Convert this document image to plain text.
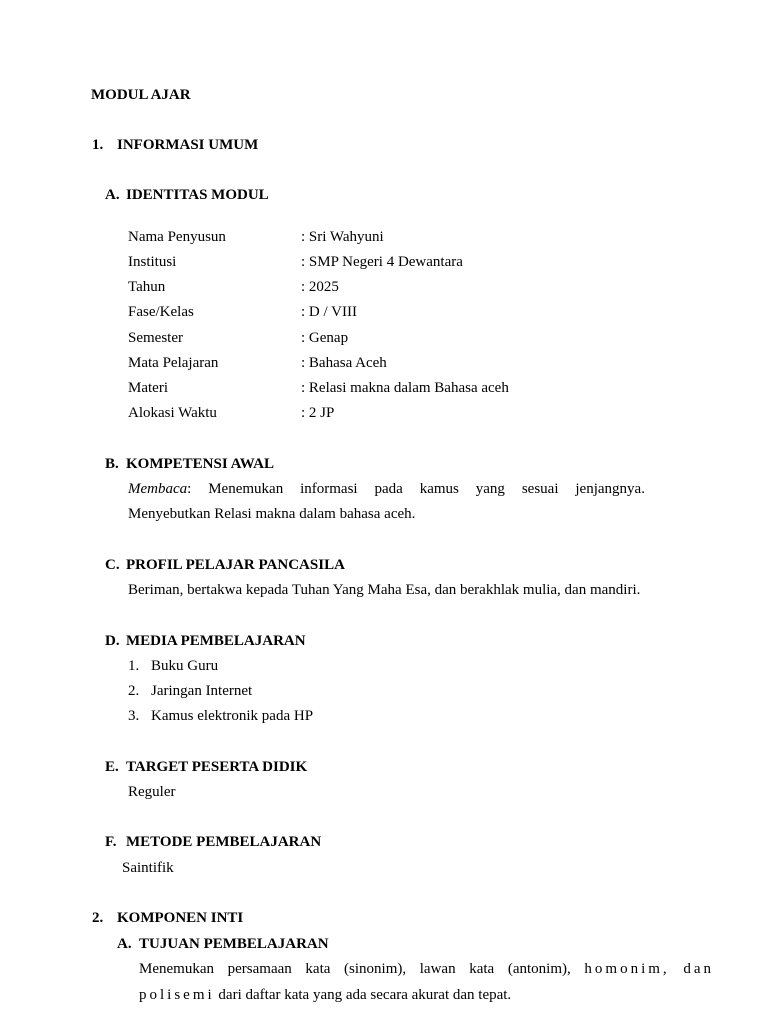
MODUL AJAR
1. INFORMASI UMUM
A. IDENTITAS MODUL
Nama Penyusun	: Sri Wahyuni
Institusi	: SMP Negeri 4 Dewantara
Tahun	: 2025
Fase/Kelas	: D / VIII
Semester	: Genap
Mata Pelajaran	: Bahasa Aceh
Materi	: Relasi makna dalam Bahasa aceh
Alokasi Waktu	: 2 JP
B. KOMPETENSI AWAL
Membaca: Menemukan informasi pada kamus yang sesuai jenjangnya.
Menyebutkan Relasi makna dalam bahasa aceh.
C. PROFIL PELAJAR PANCASILA
Beriman, bertakwa kepada Tuhan Yang Maha Esa, dan berakhlak mulia, dan mandiri.
D. MEDIA PEMBELAJARAN
1. Buku Guru
2. Jaringan Internet
3. Kamus elektronik pada HP
E. TARGET PESERTA DIDIK
Reguler
F. METODE PEMBELAJARAN
Saintifik
2. KOMPONEN INTI
A. TUJUAN PEMBELAJARAN
Menemukan persamaan kata (sinonim), lawan kata (antonim), homonim, dan
polisemi dari daftar kata yang ada secara akurat dan tepat.
